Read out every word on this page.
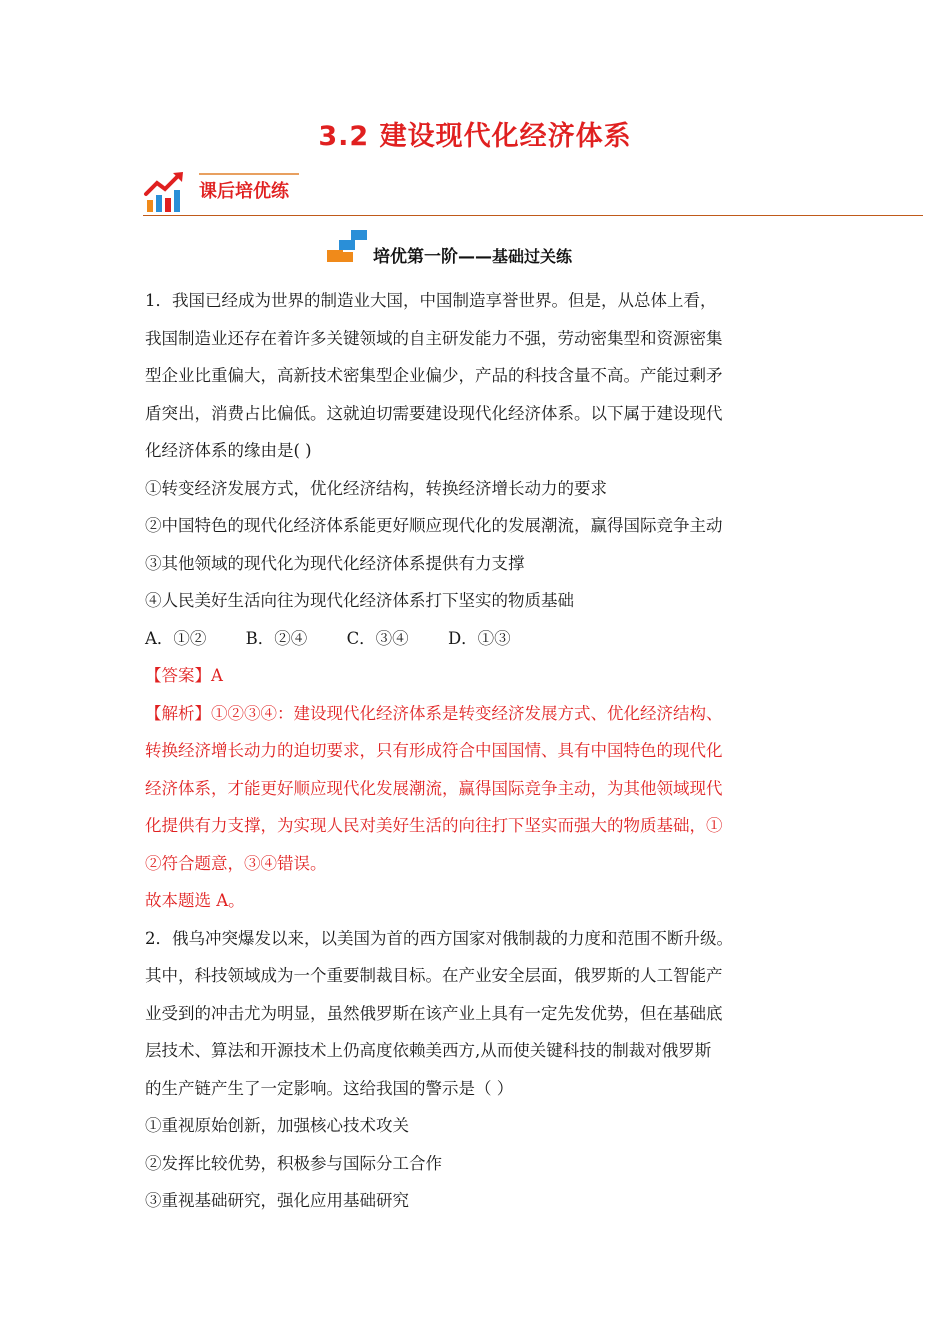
3.2 建设现代化经济体系
课后培优练
培优第一阶——基础过关练

1．我国已经成为世界的制造业大国，中国制造享誉世界。但是，从总体上看，

我国制造业还存在着许多关键领域的自主研发能力不强，劳动密集型和资源密集

型企业比重偏大，高新技术密集型企业偏少，产品的科技含量不高。产能过剩矛

盾突出，消费占比偏低。这就迫切需要建设现代化经济体系。以下属于建设现代

化经济体系的缘由是( )

①转变经济发展方式，优化经济结构，转换经济增长动力的要求

②中国特色的现代化经济体系能更好顺应现代化的发展潮流，赢得国际竞争主动

③其他领域的现代化为现代化经济体系提供有力支撑

④人民美好生活向往为现代化经济体系打下坚实的物质基础

A．①② B．②④ C．③④ D．①③

【答案】A

【解析】①②③④：建设现代化经济体系是转变经济发展方式、优化经济结构、

转换经济增长动力的迫切要求，只有形成符合中国国情、具有中国特色的现代化

经济体系，才能更好顺应现代化发展潮流，赢得国际竞争主动，为其他领域现代

化提供有力支撑，为实现人民对美好生活的向往打下坚实而强大的物质基础，①

②符合题意，③④错误。

故本题选 A。

2．俄乌冲突爆发以来，以美国为首的西方国家对俄制裁的力度和范围不断升级。

其中，科技领域成为一个重要制裁目标。在产业安全层面，俄罗斯的人工智能产

业受到的冲击尤为明显，虽然俄罗斯在该产业上具有一定先发优势，但在基础底

层技术、算法和开源技术上仍高度依赖美西方,从而使关键科技的制裁对俄罗斯

的生产链产生了一定影响。这给我国的警示是（ ）

①重视原始创新，加强核心技术攻关

②发挥比较优势，积极参与国际分工合作

③重视基础研究，强化应用基础研究
